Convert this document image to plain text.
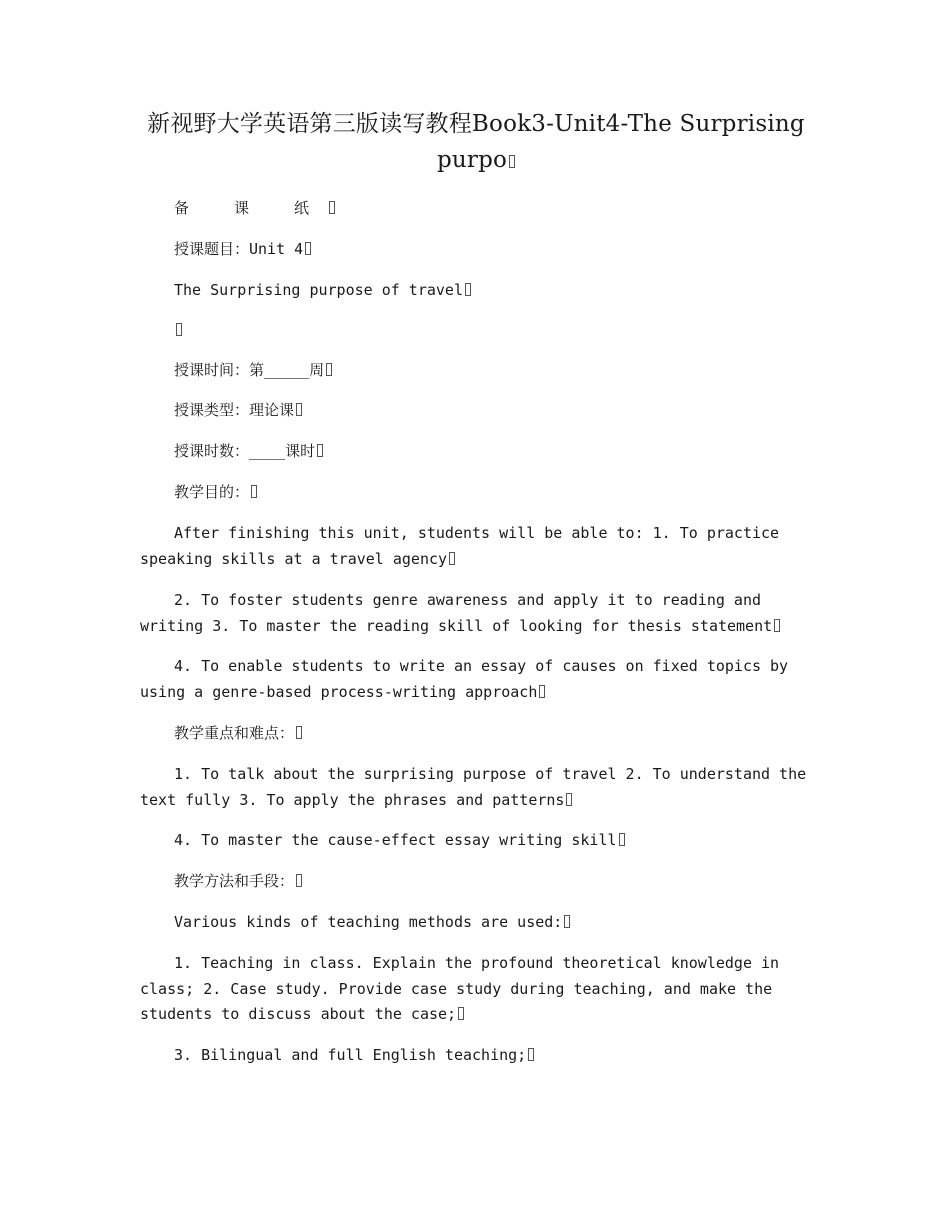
新视野大学英语第三版读写教程Book3-Unit4-The Surprising purpo

备 课 纸

授课题目：Unit 4

The Surprising purpose of travel

授课时间：第_____周

授课类型：理论课

授课时数：____课时

教学目的：

After finishing this unit, students will be able to: 1. To practice speaking skills at a travel agency

2. To foster students genre awareness and apply it to reading and writing 3. To master the reading skill of looking for thesis statement

4. To enable students to write an essay of causes on fixed topics by using a genre-based process-writing approach

教学重点和难点：

1. To talk about the surprising purpose of travel 2. To understand the text fully 3. To apply the phrases and patterns

4. To master the cause-effect essay writing skill

教学方法和手段：

Various kinds of teaching methods are used:

1. Teaching in class. Explain the profound theoretical knowledge in class; 2. Case study. Provide case study during teaching, and make the students to discuss about the case;

3. Bilingual and full English teaching;
